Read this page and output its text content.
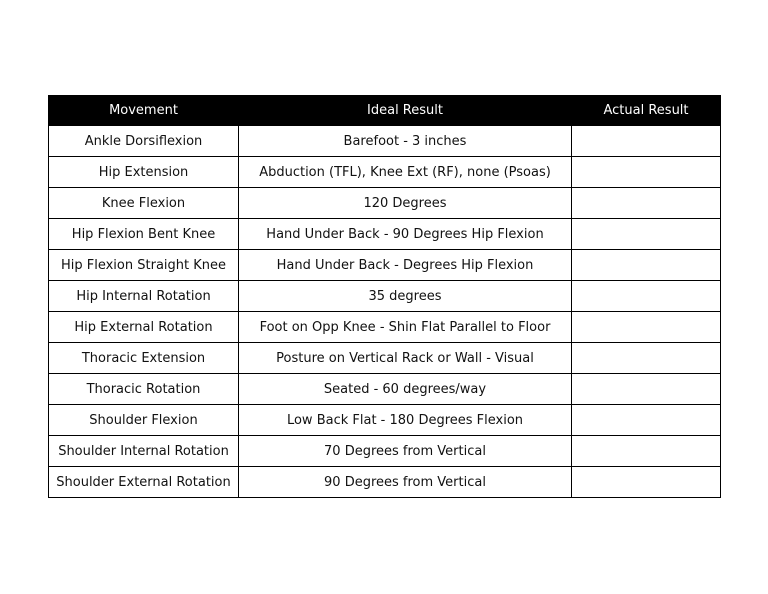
Movement	Ideal Result	Actual Result
Ankle Dorsiflexion	Barefoot - 3 inches	
Hip Extension	Abduction (TFL), Knee Ext (RF), none (Psoas)	
Knee Flexion	120 Degrees	
Hip Flexion Bent Knee	Hand Under Back - 90 Degrees Hip Flexion	
Hip Flexion Straight Knee	Hand Under Back - Degrees Hip Flexion	
Hip Internal Rotation	35 degrees	
Hip External Rotation	Foot on Opp Knee - Shin Flat Parallel to Floor	
Thoracic Extension	Posture on Vertical Rack or Wall - Visual	
Thoracic Rotation	Seated - 60 degrees/way	
Shoulder Flexion	Low Back Flat - 180 Degrees Flexion	
Shoulder Internal Rotation	70 Degrees from Vertical	
Shoulder External Rotation	90 Degrees from Vertical	
